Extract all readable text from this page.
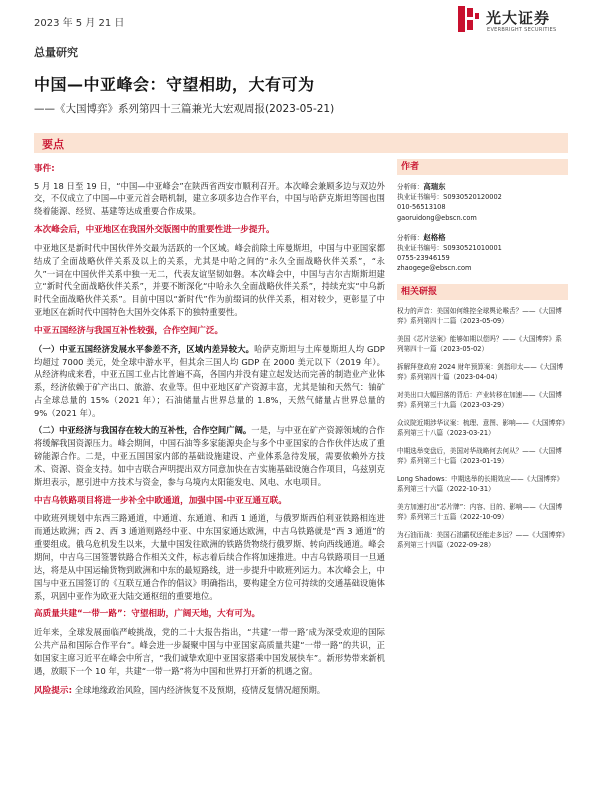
2023 年 5 月 21 日	光大证券
EVERBRIGHT SECURITIES
总量研究
中国—中亚峰会：守望相助，大有可为
——《大国博弈》系列第四十三篇兼光大宏观周报(2023-05-21)
要点
事件:
5 月 18 日至 19 日，“中国—中亚峰会”在陕西省西安市顺利召开。本次峰会兼顾多边与双边外交，不仅成立了中国—中亚元首会晤机制，建立多项多边合作平台，中国与哈萨克斯坦等国也围绕着能源、经贸、基建等达成重要合作成果。
本次峰会后，中亚地区在我国外交版图中的重要性进一步提升。
中亚地区是新时代中国伙伴外交最为活跃的一个区域。峰会前除土库曼斯坦，中国与中亚国家都结成了全面战略伙伴关系及以上的关系，尤其是中哈之间的“永久全面战略伙伴关系”，“永久”一词在中国伙伴关系中独一无二，代表友谊坚韧如磐。本次峰会中，中国与吉尔吉斯斯坦建立“新时代全面战略伙伴关系”，并要不断深化“中哈永久全面战略伙伴关系”，持续充实“中乌新时代全面战略伙伴关系”。目前中国以“新时代”作为前缀词的伙伴关系，相对较少，更彰显了中亚地区在新时代中国特色大国外交体系下的独特重要性。
中亚五国经济与我国互补性较强，合作空间广泛。
（一）中亚五国经济发展水平参差不齐，区域内差异较大。哈萨克斯坦与土库曼斯坦人均 GDP 均超过 7000 美元，处全球中游水平，但其余三国人均 GDP 在 2000 美元以下（2019 年）。从经济构成来看，中亚五国工业占比普遍不高，各国内并没有建立起发达而完善的制造业产业体系，经济依赖于矿产出口、旅游、农业等。但中亚地区矿产资源丰富，尤其是铀和天然气：铀矿占全球总量的 15%（2021 年）；石油储量占世界总量的 1.8%，天然气储量占世界总量的 9%（2021 年）。
（二）中亚经济与我国存在较大的互补性，合作空间广阔。一是，与中亚在矿产资源领域的合作将缓解我国资源压力。峰会期间，中国石油等多家能源央企与多个中亚国家的合作伙伴达成了重磅能源合作。二是，中亚五国国家内部的基础设施建设、产业体系急待发展，需要依赖外方技术、资源、资金支持。如中吉联合声明提出双方同意加快在吉实施基础设施合作项目，乌兹别克斯坦表示，愿引进中方技术与资金，参与乌境内太阳能发电、风电、水电项目。
中吉乌铁路项目将进一步补全中欧通道，加强中国-中亚互通互联。
中欧班列规划中东西三路通道，中通道、东通道、和西 1 通道，与俄罗斯西伯利亚铁路相连进而通达欧洲；西 2、西 3 通道则路经中亚、中东国家通达欧洲，中吉乌铁路就是“西 3 通道”的重要组成。俄乌危机发生以来，大量中国发往欧洲的铁路货物绕行俄罗斯、转向西线通道。峰会期间，中吉乌三国签署铁路合作相关文件，标志着后续合作将加速推进。中吉乌铁路项目一旦通达，将是从中国运输货物到欧洲和中东的最短路线，进一步提升中欧班列运力。本次峰会上，中国与中亚五国签订的《互联互通合作的倡议》明确指出，要构建全方位可持续的交通基础设施体系，巩固中亚作为欧亚大陆交通枢纽的重要地位。
高质量共建“一带一路”：守望相助，广阔天地，大有可为。
近年来，全球发展面临严峻挑战，党的二十大报告指出，“共建‘一带一路’成为深受欢迎的国际公共产品和国际合作平台”。峰会进一步凝聚中国与中亚国家高质量共建“一带一路”的共识，正如国家主席习近平在峰会中所言，“我们诚挚欢迎中亚国家搭乘中国发展快车”。新形势带来新机遇，放眼下一个 10 年，共建“一带一路”将为中国和世界打开新的机遇之窗。
风险提示: 全球地缘政治风险，国内经济恢复不及预期，疫情反复情况超预期。
作者
分析师：高瑞东
执业证书编号：S0930520120002
010-56513108
gaoruidong@ebscn.com
分析师：赵格格
执业证书编号：S0930521010001
0755-23946159
zhaogege@ebscn.com
相关研报
权力的声音：美国如何维控全球舆论喉舌？——《大国博弈》系列第四十二篇（2023-05-09）
美国《芯片法案》能够如期以偿吗？——《大国博弈》系列第四十一篇（2023-05-02）
拆解拜登政府 2024 财年预算案：剑指印太——《大国博弈》系列第四十篇（2023-04-04）
对美出口大幅回落的背后：产业转移在加速——《大国博弈》系列第三十九篇（2023-03-29）
众议院近期涉华议案：梳理、意图、影响——《大国博弈》系列第三十八篇（2023-03-21）
中期选举变盘后，美国对华战略何去何从？——《大国博弈》系列第三十七篇（2023-01-19）
Long Shadows：中期选举的长期效应——《大国博弈》系列第三十六篇（2022-10-31）
美方加速打出“芯片牌”：内容、目的、影响——《大国博弈》系列第三十五篇（2022-10-09）
为石油而战：美国石油霸权还能走多远？——《大国博弈》系列第三十四篇（2022-09-28）
